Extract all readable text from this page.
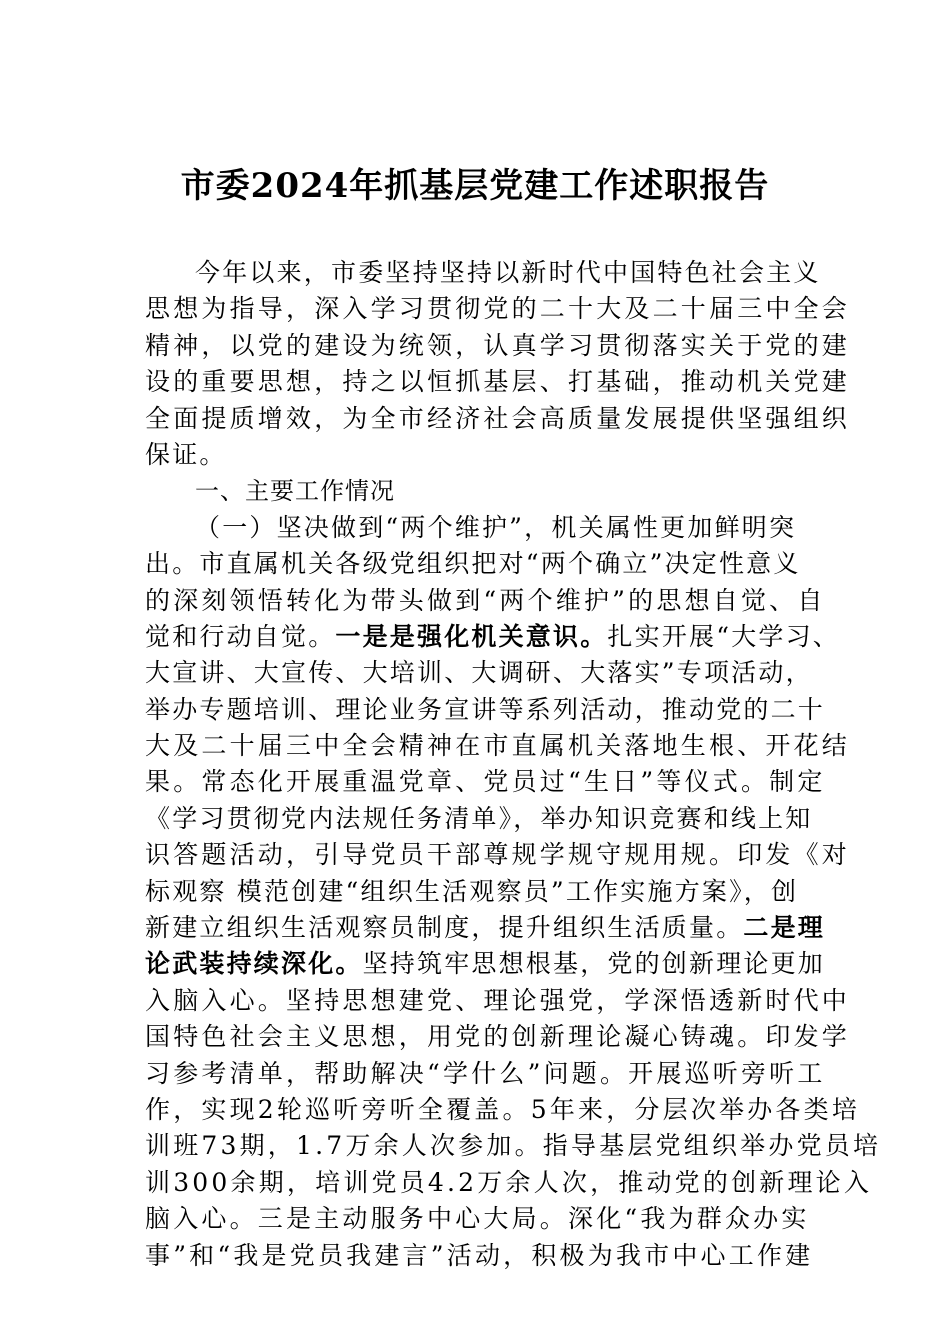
市委2024年抓基层党建工作述职报告
今年以来，市委坚持坚持以新时代中国特色社会主义
思想为指导，深入学习贯彻党的二十大及二十届三中全会
精神，以党的建设为统领，认真学习贯彻落实关于党的建
设的重要思想，持之以恒抓基层、打基础，推动机关党建
全面提质增效，为全市经济社会高质量发展提供坚强组织
保证。
一、主要工作情况
（一）坚决做到“两个维护”，机关属性更加鲜明突
出。市直属机关各级党组织把对“两个确立”决定性意义
的深刻领悟转化为带头做到“两个维护”的思想自觉、自
觉和行动自觉。一是是强化机关意识。扎实开展“大学习、
大宣讲、大宣传、大培训、大调研、大落实”专项活动，
举办专题培训、理论业务宣讲等系列活动，推动党的二十
大及二十届三中全会精神在市直属机关落地生根、开花结
果。常态化开展重温党章、党员过“生日”等仪式。制定
《学习贯彻党内法规任务清单》，举办知识竞赛和线上知
识答题活动，引导党员干部尊规学规守规用规。印发《对
标观察 模范创建“组织生活观察员”工作实施方案》，创
新建立组织生活观察员制度，提升组织生活质量。二是理
论武装持续深化。坚持筑牢思想根基，党的创新理论更加
入脑入心。坚持思想建党、理论强党，学深悟透新时代中
国特色社会主义思想，用党的创新理论凝心铸魂。印发学
习参考清单，帮助解决“学什么”问题。开展巡听旁听工
作，实现2轮巡听旁听全覆盖。5年来，分层次举办各类培
训班73期，1.7万余人次参加。指导基层党组织举办党员培
训300余期，培训党员4.2万余人次，推动党的创新理论入
脑入心。三是主动服务中心大局。深化“我为群众办实
事”和“我是党员我建言”活动，积极为我市中心工作建
